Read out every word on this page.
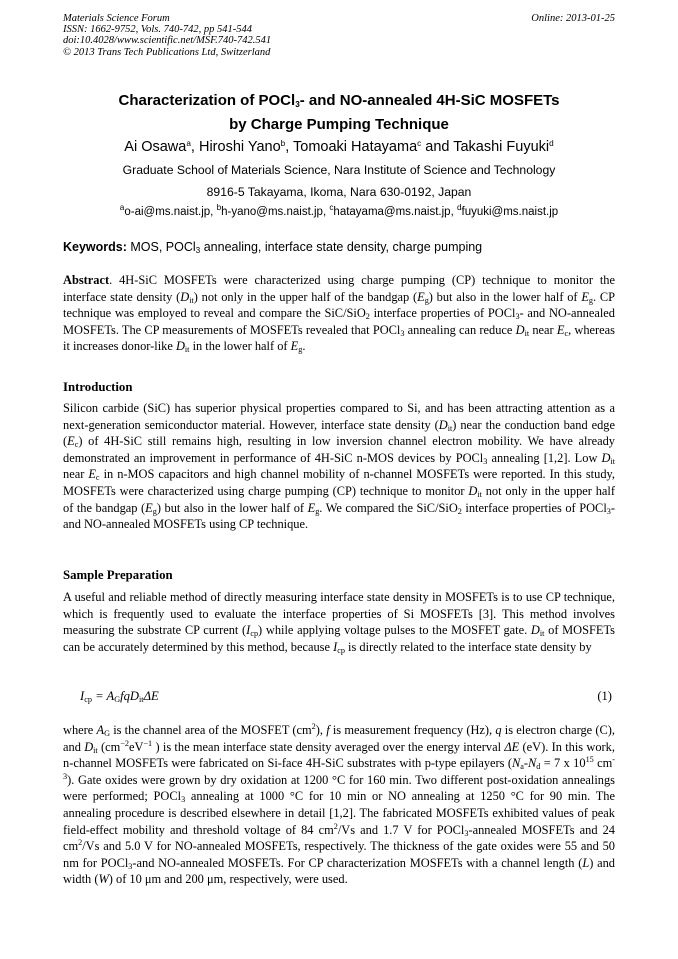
Materials Science Forum
ISSN: 1662-9752, Vols. 740-742, pp 541-544
doi:10.4028/www.scientific.net/MSF.740-742.541
© 2013 Trans Tech Publications Ltd, Switzerland
Online: 2013-01-25
Characterization of POCl$_3$- and NO-annealed 4H-SiC MOSFETs
by Charge Pumping Technique
Ai Osawa$^a$, Hiroshi Yano$^b$, Tomoaki Hatayama$^c$ and Takashi Fuyuki$^d$
Graduate School of Materials Science, Nara Institute of Science and Technology
8916-5 Takayama, Ikoma, Nara 630-0192, Japan
$^a$o-ai@ms.naist.jp, $^b$h-yano@ms.naist.jp, $^c$hatayama@ms.naist.jp, $^d$fuyuki@ms.naist.jp
Keywords: MOS, POCl$_3$ annealing, interface state density, charge pumping

Abstract. 4H-SiC MOSFETs were characterized using charge pumping (CP) technique to monitor the interface state density $(D_{it})$ not only in the upper half of the bandgap $(E_g)$ but also in the lower half of $E_g$. CP technique was employed to reveal and compare the SiC/SiO$_2$ interface properties of POCl$_3$- and NO-annealed MOSFETs. The CP measurements of MOSFETs revealed that POCl$_3$ annealing can reduce $D_{it}$ near $E_c$, whereas it increases donor-like $D_{it}$ in the lower half of $E_g$.

Introduction

Silicon carbide (SiC) has superior physical properties compared to Si, and has been attracting attention as a next-generation semiconductor material. However, interface state density $(D_{it})$ near the conduction band edge $(E_c)$ of 4H-SiC still remains high, resulting in low inversion channel electron mobility. We have already demonstrated an improvement in performance of 4H-SiC n-MOS devices by POCl$_3$ annealing [1,2]. Low $D_{it}$ near $E_c$ in n-MOS capacitors and high channel mobility of n-channel MOSFETs were reported. In this study, MOSFETs were characterized using charge pumping (CP) technique to monitor $D_{it}$ not only in the upper half of the bandgap $(E_g)$ but also in the lower half of $E_g$. We compared the SiC/SiO$_2$ interface properties of POCl$_3$- and NO-annealed MOSFETs using CP technique.

Sample Preparation

A useful and reliable method of directly measuring interface state density in MOSFETs is to use CP technique, which is frequently used to evaluate the interface properties of Si MOSFETs [3]. This method involves measuring the substrate CP current $(I_{cp})$ while applying voltage pulses to the MOSFET gate. $D_{it}$ of MOSFETs can be accurately determined by this method, because $I_{cp}$ is directly related to the interface state density by

$I_{cp} = A_GfqD_{it}\Delta E$	(1)

where $A_G$ is the channel area of the MOSFET $(cm^2)$, f is measurement frequency (Hz), q is electron charge (C), and $D_{it}$ ($cm^{-2}eV^{-1}$ ) is the mean interface state density averaged over the energy interval ΔE (eV). In this work, n-channel MOSFETs were fabricated on Si-face 4H-SiC substrates with p-type epilayers ($N_a-N_d = 7$ x $10^{15}$ $cm^{-3}$). Gate oxides were grown by dry oxidation at 1200 °C for 160 min. Two different post-oxidation annealings were performed; POCl$_3$ annealing at 1000 °C for 10 min or NO annealing at 1250 °C for 90 min. The annealing procedure is described elsewhere in detail [1,2]. The fabricated MOSFETs exhibited values of peak field-effect mobility and threshold voltage of 84 $cm^2/Vs$ and 1.7 V for POCl$_3$-annealed MOSFETs and 24 $cm^2/Vs$ and 5.0 V for NO-annealed MOSFETs, respectively. The thickness of the gate oxides were 55 and 50 nm for POCl$_3$-and NO-annealed MOSFETs. For CP characterization MOSFETs with a channel length (L) and width (W) of 10 μm and 200 μm, respectively, were used.
